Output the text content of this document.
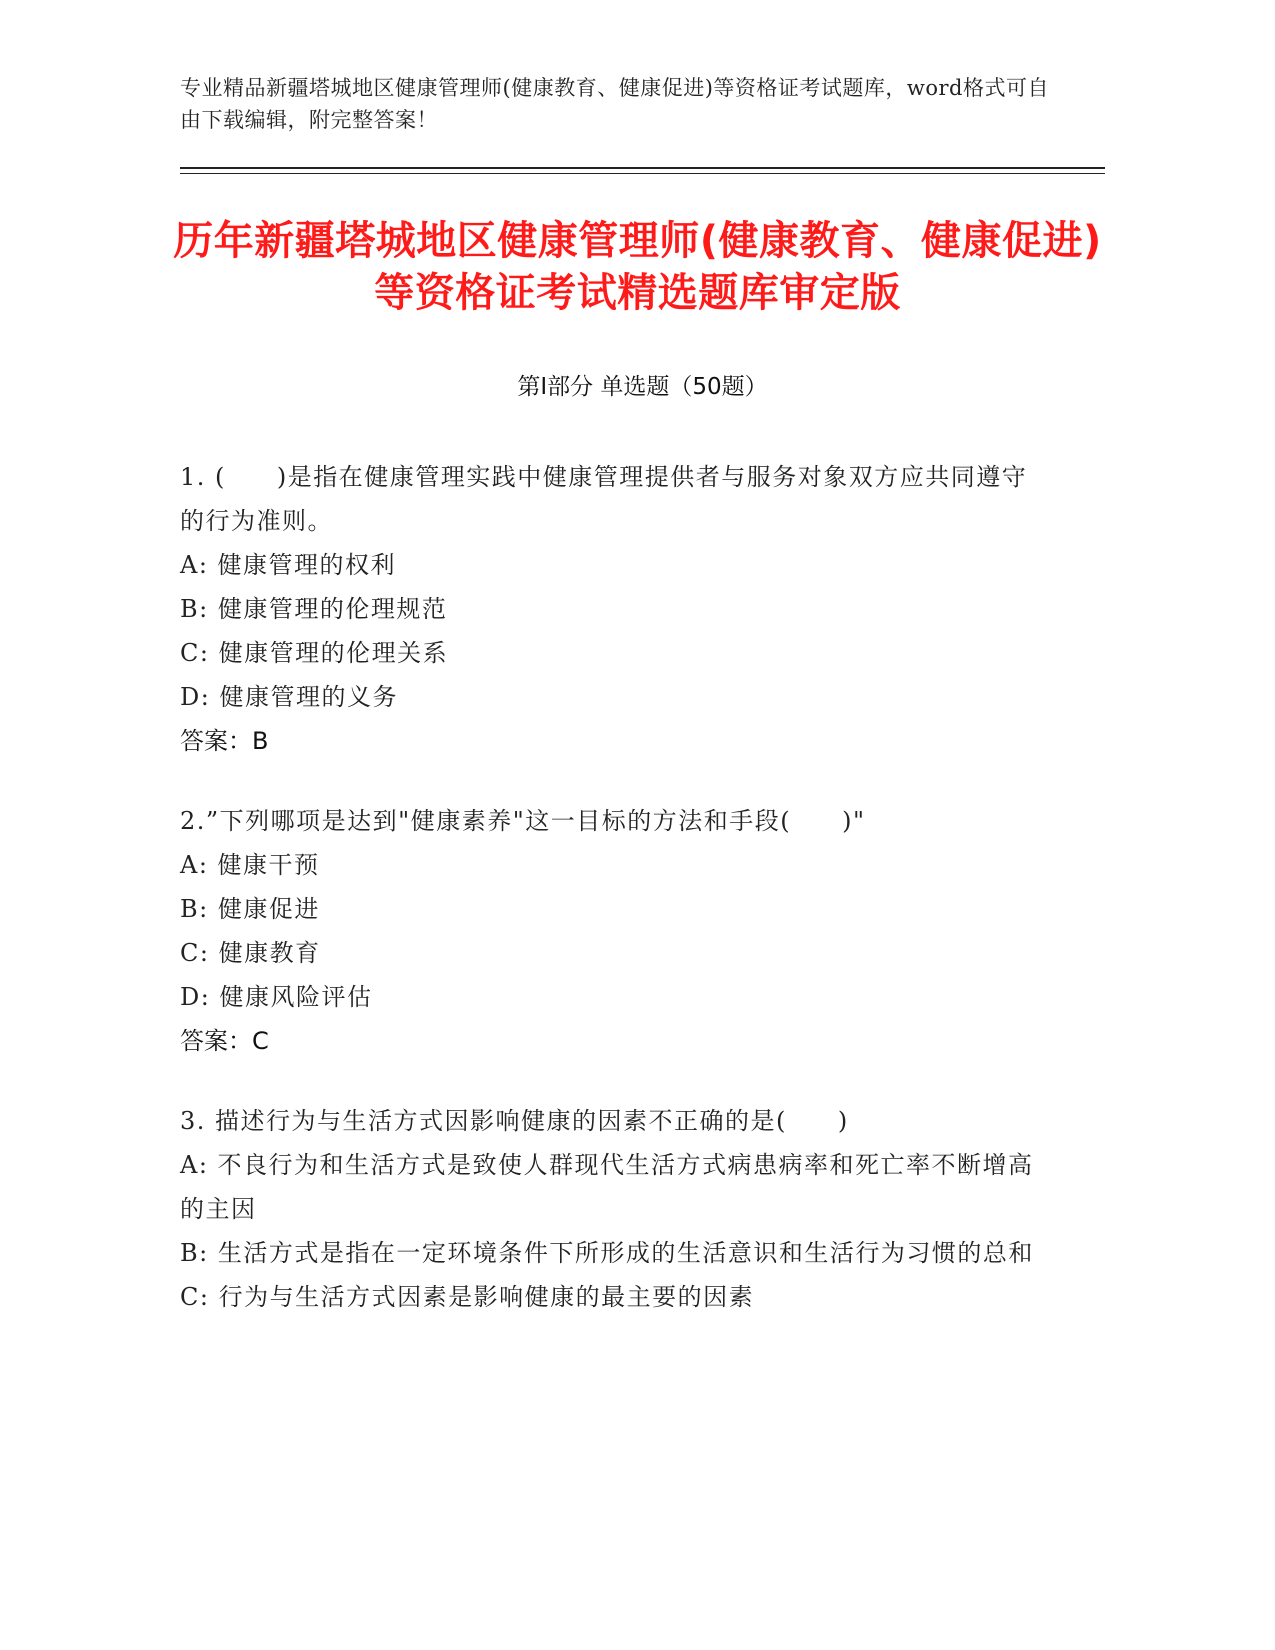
专业精品新疆塔城地区健康管理师(健康教育、健康促进)等资格证考试题库，word格式可自由下载编辑，附完整答案！
历年新疆塔城地区健康管理师(健康教育、健康促进)等资格证考试精选题库审定版
第Ⅰ部分 单选题（50题）

1. (　　)是指在健康管理实践中健康管理提供者与服务对象双方应共同遵守的行为准则。

A: 健康管理的权利

B: 健康管理的伦理规范

C: 健康管理的伦理关系

D: 健康管理的义务

答案：B

2.”下列哪项是达到"健康素养"这一目标的方法和手段(　　)"

A: 健康干预

B: 健康促进

C: 健康教育

D: 健康风险评估

答案：C

3. 描述行为与生活方式因影响健康的因素不正确的是(　　)

A: 不良行为和生活方式是致使人群现代生活方式病患病率和死亡率不断增高的主因

B: 生活方式是指在一定环境条件下所形成的生活意识和生活行为习惯的总和

C: 行为与生活方式因素是影响健康的最主要的因素
